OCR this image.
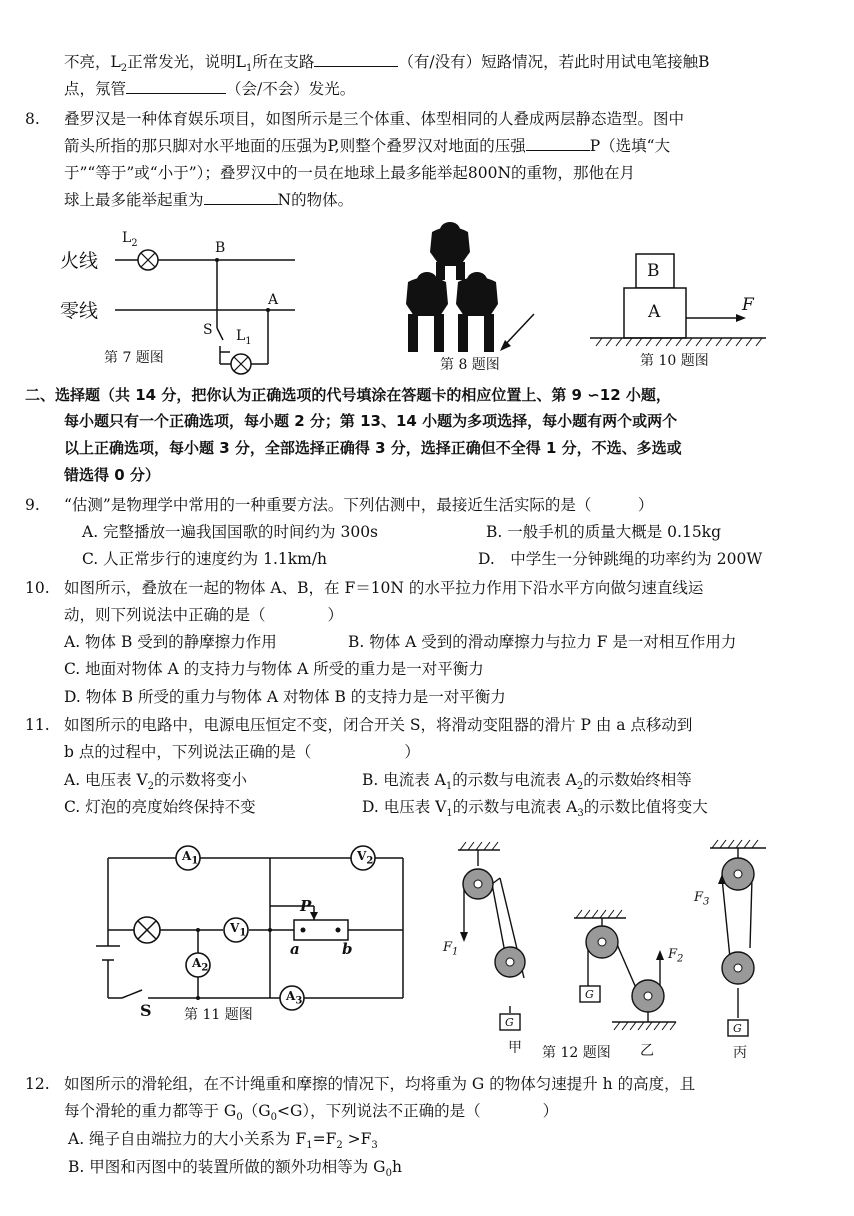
不亮，$L_2$正常发光，说明$L_1$所在支路	（有/没有）短路情况，若此时用试电笔接触B
点，氖管	（会/不会）发光。
8. 叠罗汉是一种体育娱乐项目，如图所示是三个体重、体型相同的人叠成两层静态造型。图中
箭头所指的那只脚对水平地面的压强为P,则整个叠罗汉对地面的压强	P（选填“大
于”“等于”或“小于”）；叠罗汉中的一员在地球上最多能举起800N的重物，那他在月
球上最多能举起重为	N的物体。
火线
零线
$L_2$	B
A
S $L_1$
第 7 题图	第 8 题图
B
A	F
第 10 题图
二、选择题（共 14 分，把你认为正确选项的代号填涂在答题卡的相应位置上、第 9 ∽12 小题，
每小题只有一个正确选项，每小题 2 分；第 13、14 小题为多项选择，每小题有两个或两个
以上正确选项，每小题 3 分，全部选择正确得 3 分，选择正确但不全得 1 分，不选、多选或
错选得 0 分）
9. “估测”是物理学中常用的一种重要方法。下列估测中，最接近生活实际的是（　　　）
A. 完整播放一遍我国国歌的时间约为 300s	B. 一般手机的质量大概是 0.15kg
C. 人正常步行的速度约为 1.1km/h	D.　中学生一分钟跳绳的功率约为 200W
10. 如图所示，叠放在一起的物体 A、B，在 F＝10N 的水平拉力作用下沿水平方向做匀速直线运
动，则下列说法中正确的是（　　　　）
A. 物体 B 受到的静摩擦力作用	B. 物体 A 受到的滑动摩擦力与拉力 F 是一对相互作用力
C. 地面对物体 A 的支持力与物体 A 所受的重力是一对平衡力
D. 物体 B 所受的重力与物体 A 对物体 B 的支持力是一对平衡力
11. 如图所示的电路中，电源电压恒定不变，闭合开关 S，将滑动变阻器的滑片 P 由 a 点移动到
b 点的过程中，下列说法正确的是（　　　　　　）
A. 电压表 $V_2$的示数将变小	B. 电流表 $A_1$的示数与电流表 $A_2$的示数始终相等
C. 灯泡的亮度始终保持不变	D. 电压表 $V_1$的示数与电流表 $A_3$的示数比值将变大
$A_1$	$V_2$
$V_1$
$A_2$
$A_3$
P
a	b
S 第 11 题图	G
G
G
$F_1$	$F_2$
$F_3$
甲 第 12 题图 乙	丙
12. 如图所示的滑轮组，在不计绳重和摩擦的情况下，均将重为 G 的物体匀速提升 h 的高度，且
每个滑轮的重力都等于 $G_0(G_0<G)$，下列说法不正确的是（　　　　）
A. 绳子自由端拉力的大小关系为 $F_1=F_2 >F_3$
B. 甲图和丙图中的装置所做的额外功相等为 $G_0h$
